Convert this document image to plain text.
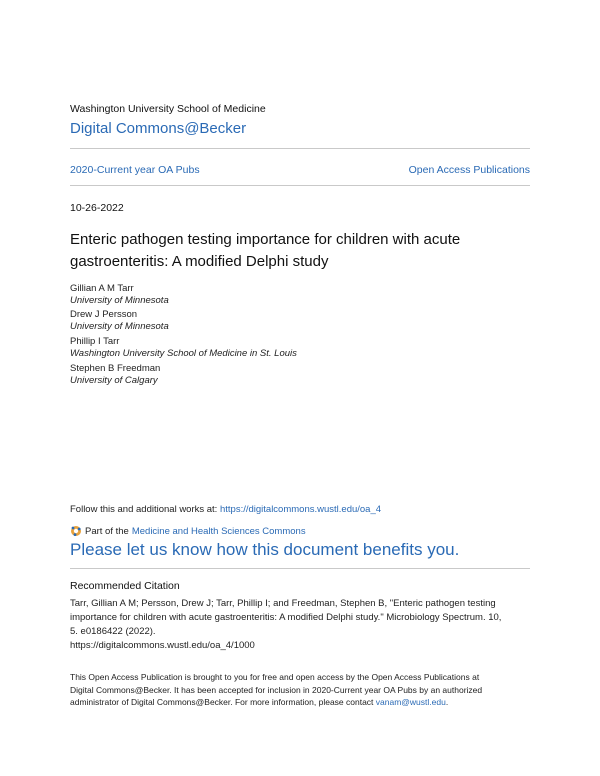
Washington University School of Medicine
Digital Commons@Becker
2020-Current year OA Pubs	Open Access Publications
10-26-2022
Enteric pathogen testing importance for children with acute gastroenteritis: A modified Delphi study
Gillian A M Tarr
University of Minnesota
Drew J Persson
University of Minnesota
Phillip I Tarr
Washington University School of Medicine in St. Louis
Stephen B Freedman
University of Calgary
Follow this and additional works at: https://digitalcommons.wustl.edu/oa_4
Part of the Medicine and Health Sciences Commons
Please let us know how this document benefits you.
Recommended Citation
Tarr, Gillian A M; Persson, Drew J; Tarr, Phillip I; and Freedman, Stephen B, "Enteric pathogen testing
importance for children with acute gastroenteritis: A modified Delphi study." Microbiology Spectrum. 10,
5. e0186422 (2022).
https://digitalcommons.wustl.edu/oa_4/1000
This Open Access Publication is brought to you for free and open access by the Open Access Publications at
Digital Commons@Becker. It has been accepted for inclusion in 2020-Current year OA Pubs by an authorized
administrator of Digital Commons@Becker. For more information, please contact vanam@wustl.edu.
